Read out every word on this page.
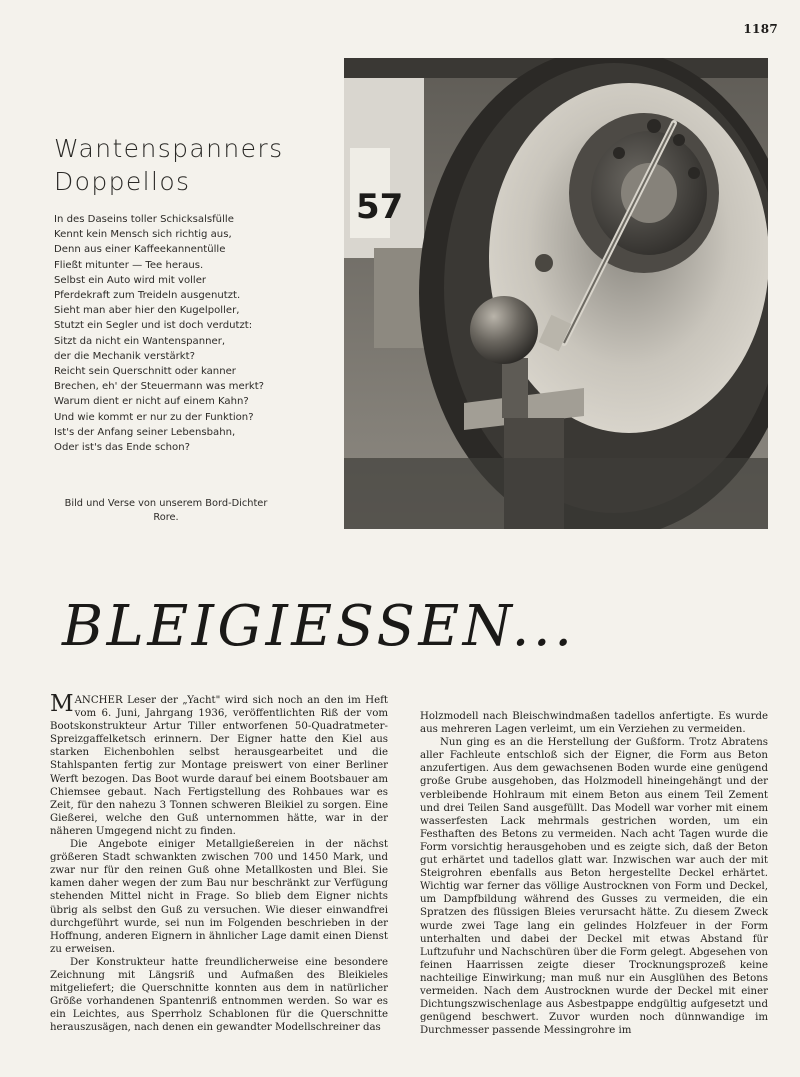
1187
Wantenspanners
Doppellos
In des Daseins toller Schicksalsfülle
Kennt kein Mensch sich richtig aus,
Denn aus einer Kaffeekannentülle
Fließt mitunter — Tee heraus.
Selbst ein Auto wird mit voller
Pferdekraft zum Treideln ausgenutzt.
Sieht man aber hier den Kugelpoller,
Stutzt ein Segler und ist doch verdutzt:
Sitzt da nicht ein Wantenspanner,
der die Mechanik verstärkt?
Reicht sein Querschnitt oder kanner
Brechen, eh' der Steuermann was merkt?
Warum dient er nicht auf einem Kahn?
Und wie kommt er nur zu der Funktion?
Ist's der Anfang seiner Lebensbahn,
Oder ist's das Ende schon?
Bild und Verse von unserem Bord-Dichter
Rore.
57
BLEIGIESSEN...

MANCHER Leser der „Yacht" wird sich noch an den im Heft vom 6. Juni, Jahrgang 1936, veröffentlichten Riß der vom Bootskonstrukteur Artur Tiller entworfenen 50-Quadratmeter-Spreizgaffelketsch erinnern. Der Eigner hatte den Kiel aus starken Eichenbohlen selbst herausgearbeitet und die Stahlspanten fertig zur Montage preiswert von einer Berliner Werft bezogen. Das Boot wurde darauf bei einem Bootsbauer am Chiemsee gebaut. Nach Fertigstellung des Rohbaues war es Zeit, für den nahezu 3 Tonnen schweren Bleikiel zu sorgen. Eine Gießerei, welche den Guß unternommen hätte, war in der näheren Umgegend nicht zu finden.

Die Angebote einiger Metallgießereien in der nächst größeren Stadt schwankten zwischen 700 und 1450 Mark, und zwar nur für den reinen Guß ohne Metallkosten und Blei. Sie kamen daher wegen der zum Bau nur beschränkt zur Verfügung stehenden Mittel nicht in Frage. So blieb dem Eigner nichts übrig als selbst den Guß zu versuchen. Wie dieser einwandfrei durchgeführt wurde, sei nun im Folgenden beschrieben in der Hoffnung, anderen Eignern in ähnlicher Lage damit einen Dienst zu erweisen.

Der Konstrukteur hatte freundlicherweise eine besondere Zeichnung mit Längsriß und Aufmaßen des Bleikieles mitgeliefert; die Querschnitte konnten aus dem in natürlicher Größe vorhandenen Spantenriß entnommen werden. So war es ein Leichtes, aus Sperrholz Schablonen für die Querschnitte herauszusägen, nach denen ein gewandter Modellschreiner das

Holzmodell nach Bleischwindmaßen tadellos anfertigte. Es wurde aus mehreren Lagen verleimt, um ein Verziehen zu vermeiden.

Nun ging es an die Herstellung der Gußform. Trotz Abratens aller Fachleute entschloß sich der Eigner, die Form aus Beton anzufertigen. Aus dem gewachsenen Boden wurde eine genügend große Grube ausgehoben, das Holzmodell hineingehängt und der verbleibende Hohlraum mit einem Beton aus einem Teil Zement und drei Teilen Sand ausgefüllt. Das Modell war vorher mit einem wasserfesten Lack mehrmals gestrichen worden, um ein Festhaften des Betons zu vermeiden. Nach acht Tagen wurde die Form vorsichtig herausgehoben und es zeigte sich, daß der Beton gut erhärtet und tadellos glatt war. Inzwischen war auch der mit Steigrohren ebenfalls aus Beton hergestellte Deckel erhärtet. Wichtig war ferner das völlige Austrocknen von Form und Deckel, um Dampfbildung während des Gusses zu vermeiden, die ein Spratzen des flüssigen Bleies verursacht hätte. Zu diesem Zweck wurde zwei Tage lang ein gelindes Holzfeuer in der Form unterhalten und dabei der Deckel mit etwas Abstand für Luftzufuhr und Nachschüren über die Form gelegt. Abgesehen von feinen Haarrissen zeigte dieser Trocknungsprozeß keine nachteilige Einwirkung; man muß nur ein Ausglühen des Betons vermeiden. Nach dem Austrocknen wurde der Deckel mit einer Dichtungszwischenlage aus Asbestpappe endgültig aufgesetzt und genügend beschwert. Zuvor wurden noch dünnwandige im Durchmesser passende Messingrohre im
